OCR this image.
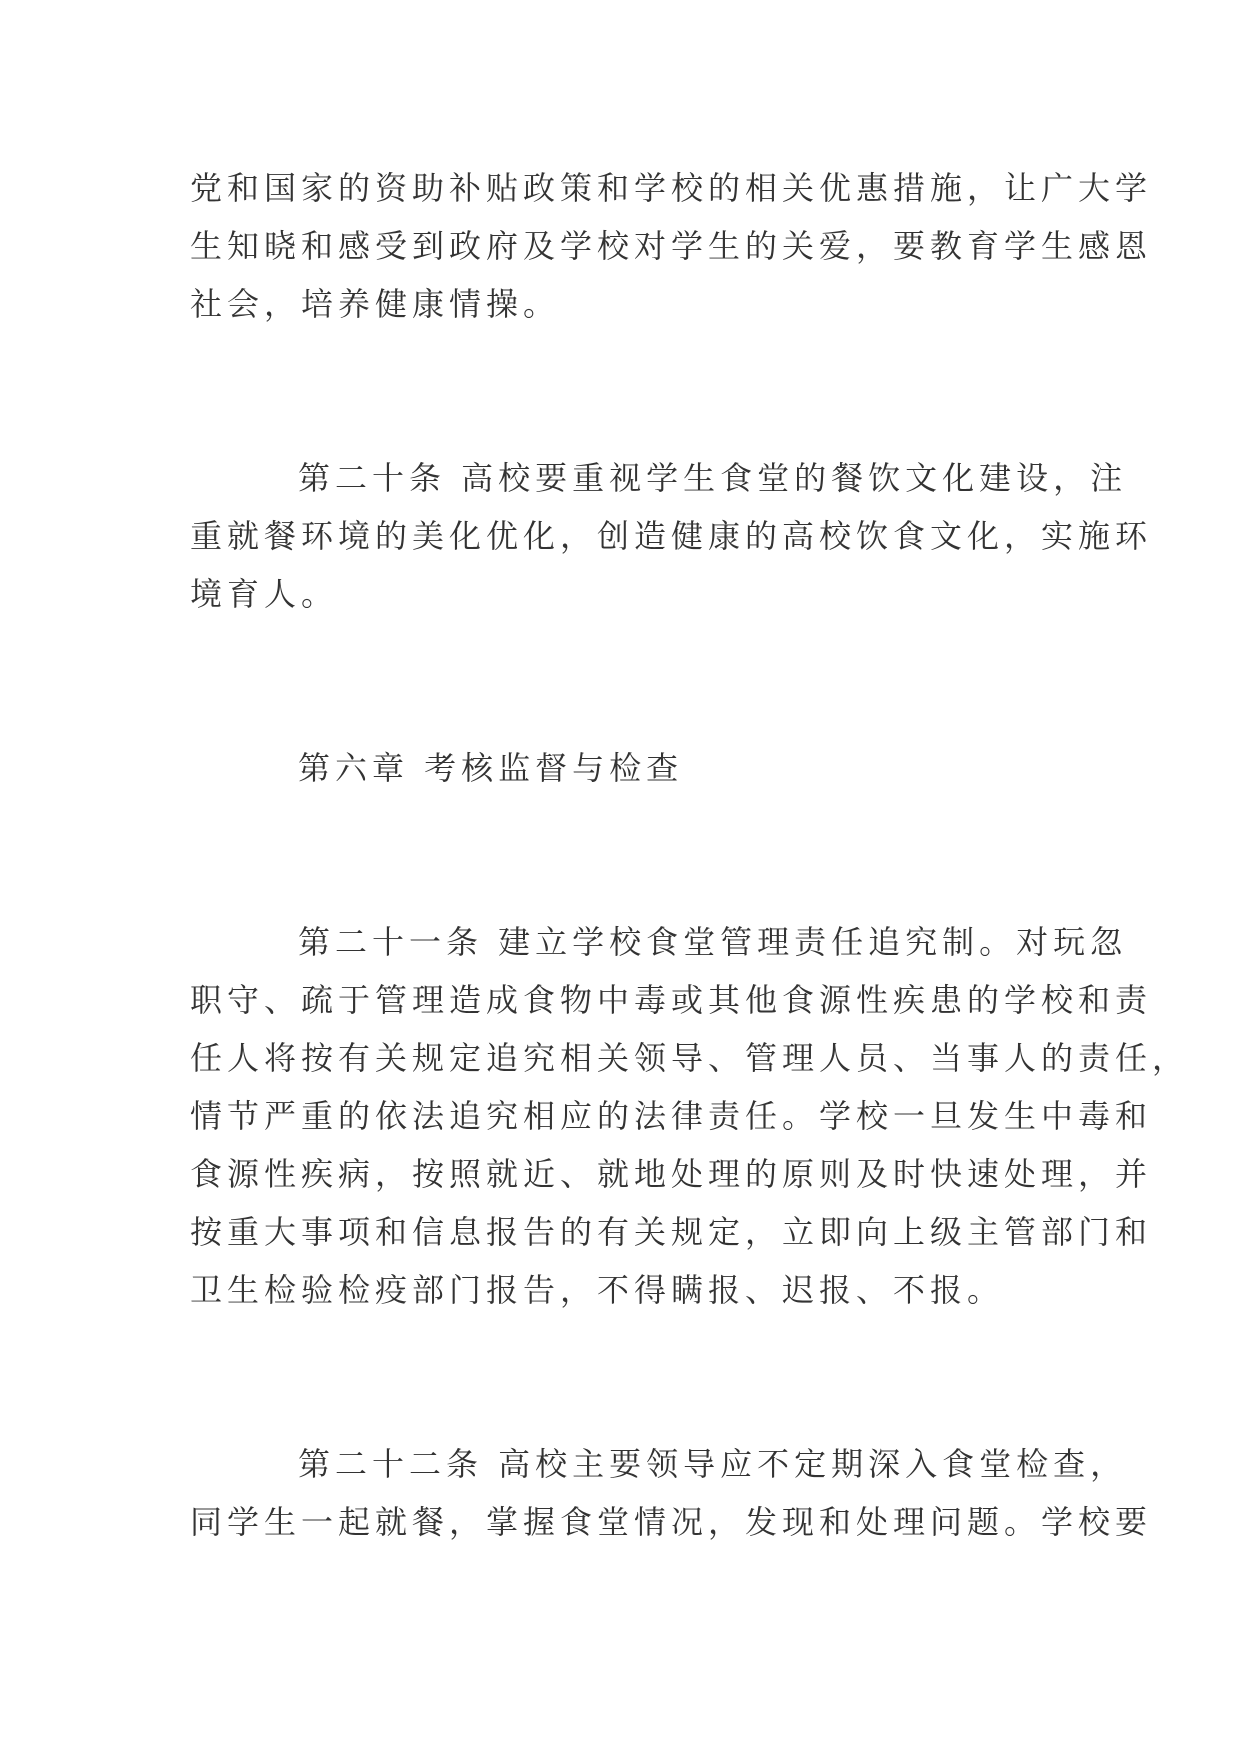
党和国家的资助补贴政策和学校的相关优惠措施，让广大学

生知晓和感受到政府及学校对学生的关爱，要教育学生感恩

社会，培养健康情操。

第二十条 高校要重视学生食堂的餐饮文化建设，注

重就餐环境的美化优化，创造健康的高校饮食文化，实施环

境育人。

第六章 考核监督与检查

第二十一条 建立学校食堂管理责任追究制。对玩忽

职守、疏于管理造成食物中毒或其他食源性疾患的学校和责

任人将按有关规定追究相关领导、管理人员、当事人的责任，

情节严重的依法追究相应的法律责任。学校一旦发生中毒和

食源性疾病，按照就近、就地处理的原则及时快速处理，并

按重大事项和信息报告的有关规定，立即向上级主管部门和

卫生检验检疫部门报告，不得瞒报、迟报、不报。

第二十二条 高校主要领导应不定期深入食堂检查，

同学生一起就餐，掌握食堂情况，发现和处理问题。学校要
